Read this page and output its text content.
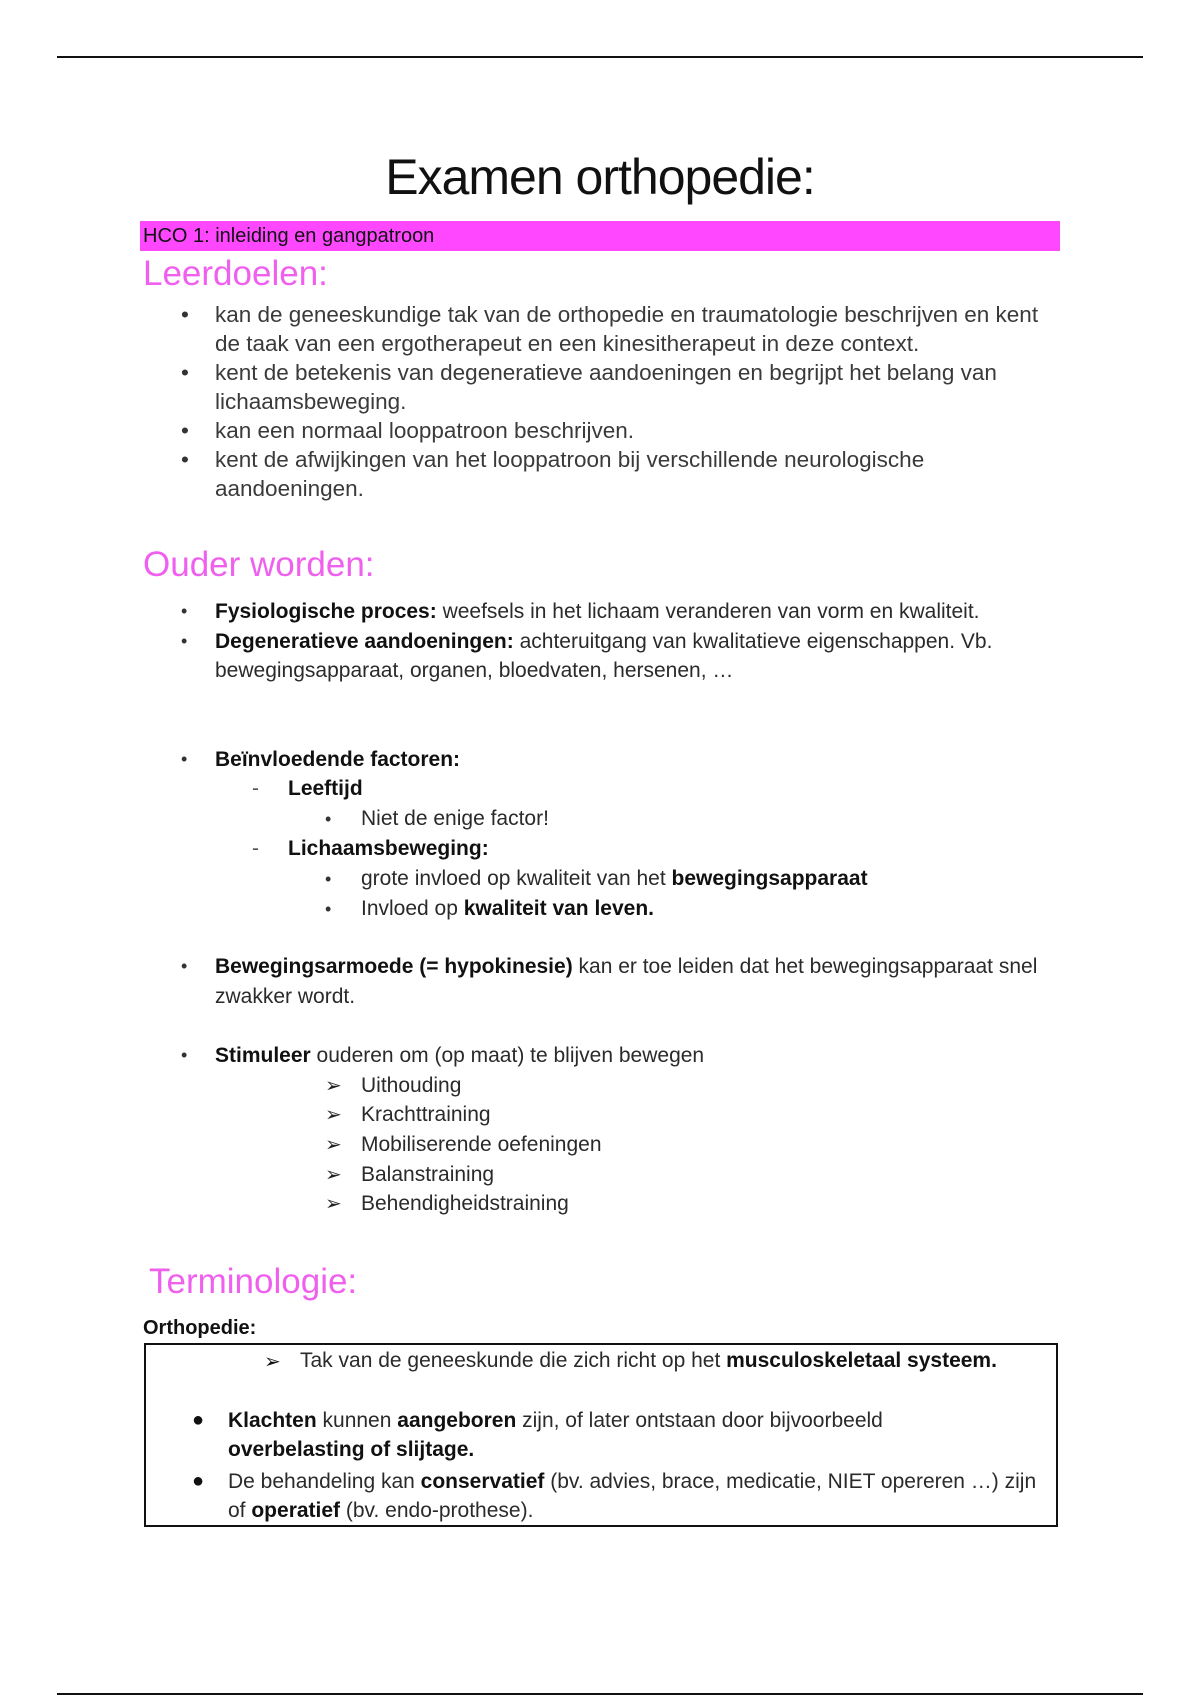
Examen orthopedie:
HCO 1: inleiding en gangpatroon
Leerdoelen:
• kan de geneeskundige tak van de orthopedie en traumatologie beschrijven en kent de taak van een ergotherapeut en een kinesitherapeut in deze context.
• kent de betekenis van degeneratieve aandoeningen en begrijpt het belang van lichaamsbeweging.
• kan een normaal looppatroon beschrijven.
• kent de afwijkingen van het looppatroon bij verschillende neurologische aandoeningen.
Ouder worden:
• Fysiologische proces: weefsels in het lichaam veranderen van vorm en kwaliteit.
• Degeneratieve aandoeningen: achteruitgang van kwalitatieve eigenschappen. Vb. bewegingsapparaat, organen, bloedvaten, hersenen, …
• Beïnvloedende factoren:
- Leeftijd
• Niet de enige factor!
- Lichaamsbeweging:
• grote invloed op kwaliteit van het bewegingsapparaat
• Invloed op kwaliteit van leven.
• Bewegingsarmoede (= hypokinesie) kan er toe leiden dat het bewegingsapparaat snel zwakker wordt.
• Stimuleer ouderen om (op maat) te blijven bewegen
➢ Uithouding
➢ Krachttraining
➢ Mobiliserende oefeningen
➢ Balanstraining
➢ Behendigheidstraining
Terminologie:
Orthopedie:
➢ Tak van de geneeskunde die zich richt op het musculoskeletaal systeem.
● Klachten kunnen aangeboren zijn, of later ontstaan door bijvoorbeeld overbelasting of slijtage.
● De behandeling kan conservatief (bv. advies, brace, medicatie, NIET opereren …) zijn of operatief (bv. endo-prothese).
